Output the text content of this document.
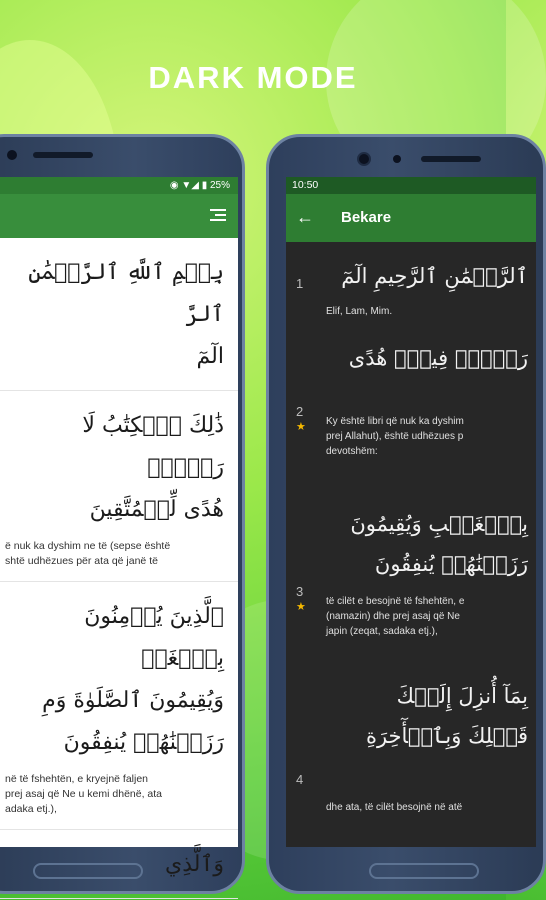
DARK MODE
◉ ▼◢ ▮ 25%
بِسۡمِ ٱللَّهِ ٱلرَّحۡمَٰنِ ٱلرَّ
الٓمٓ
ذَٰلِكَ ٱلۡكِتَٰبُ لَا رَيۡبَۛ
هُدًى لِّلۡمُتَّقِينَ
ë nuk ka dyshim ne të (sepse është
shtë udhëzues për ata që janë të
ٱلَّذِينَ يُؤۡمِنُونَ بِٱلۡغَيۡ
وَيُقِيمُونَ ٱلصَّلَوٰةَ وَمِ
رَزَقۡنَٰهُمۡ يُنفِقُونَ
në të fshehtën, e kryejnë faljen
prej asaj që Ne u kemi dhënë, ata
adaka etj.),
وَٱلَّذِي
10:50
← Bekare
1	ٱلرَّحۡمَٰنِ ٱلرَّحِيمِ الٓمٓ
Elif, Lam, Mim.
2
★
رَيۡبَۛ فِيهِۛ هُدًى
Ky është libri që nuk ka dyshim
prej Allahut), është udhëzues p
devotshëm:
3
★
بِٱلۡغَيۡبِ وَيُقِيمُونَ
رَزَقۡنَٰهُمۡ يُنفِقُونَ
të cilët e besojnë të fshehtën, e
(namazin) dhe prej asaj që Ne
japin (zeqat, sadaka etj.),
4
بِمَآ أُنزِلَ إِلَيۡكَ
قَبۡلِكَ وَبِٱلۡأٓخِرَةِ
dhe ata, të cilët besojnë në atë
